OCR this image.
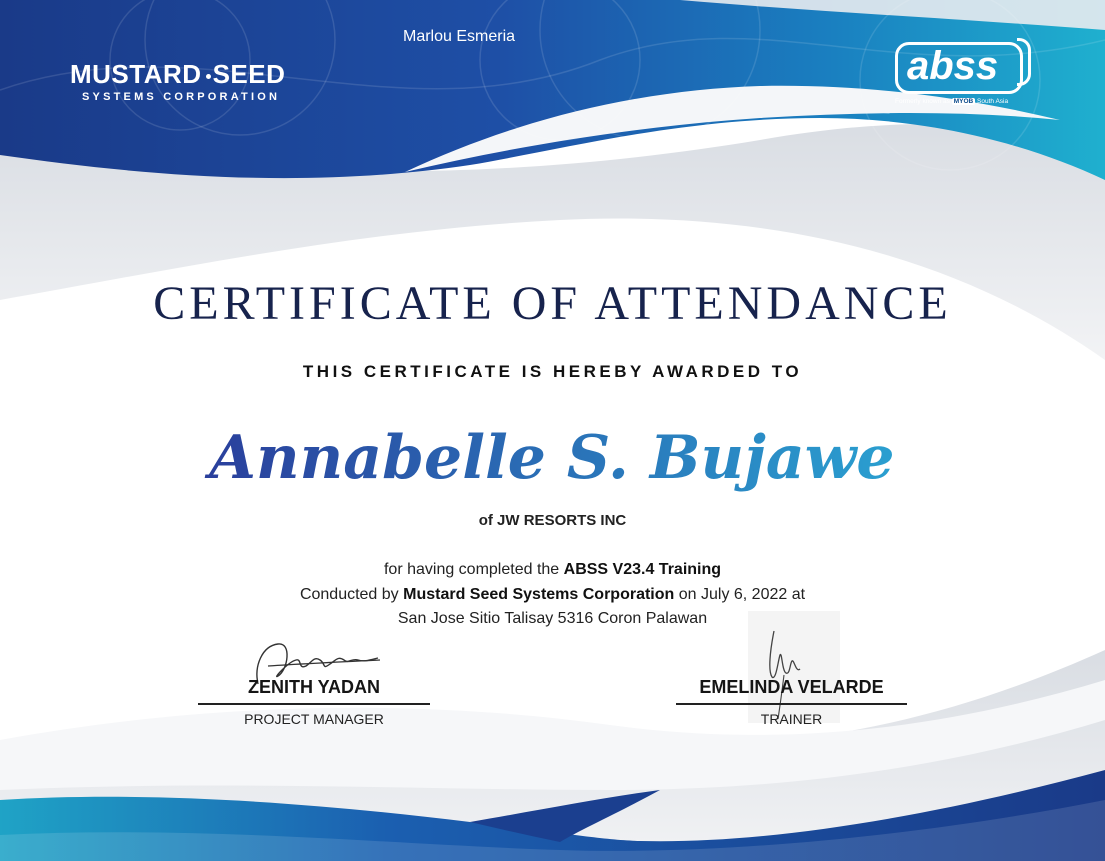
Marlou Esmeria
MUSTARD SEED
SYSTEMS CORPORATION
abss
Formerly known as MYOB South Asia
CERTIFICATE OF ATTENDANCE
THIS CERTIFICATE IS HEREBY AWARDED TO
Annabelle S. Bujawe
of JW RESORTS INC
for having completed the ABSS V23.4 Training
Conducted by Mustard Seed Systems Corporation on July 6, 2022 at
San Jose Sitio Talisay 5316 Coron Palawan
ZENITH YADAN
PROJECT MANAGER
EMELINDA VELARDE
TRAINER
